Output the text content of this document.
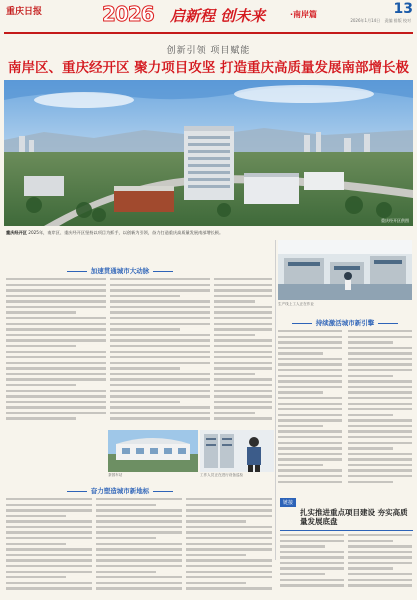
重庆日报	2026 启新程 创未来	·南岸篇	13
2026年1月14日 责编 排版 校对
创新引领 项目赋能
南岸区、重庆经开区 聚力项目攻坚 打造重庆高质量发展南部增长极
重庆经开区供图
重庆经开区 2025年，南岸区、重庆经开区坚持以项目为抓手，以创新为引领，奋力打造重庆高质量发展南部增长极。
加速贯通城市大动脉
生产线上工人正在作业
持续激活城市新引擎
茶园车站	工作人员正在进行设备巡检
奋力塑造城市新地标
链接
扎实推进重点项目建设 夯实高质量发展底盘
